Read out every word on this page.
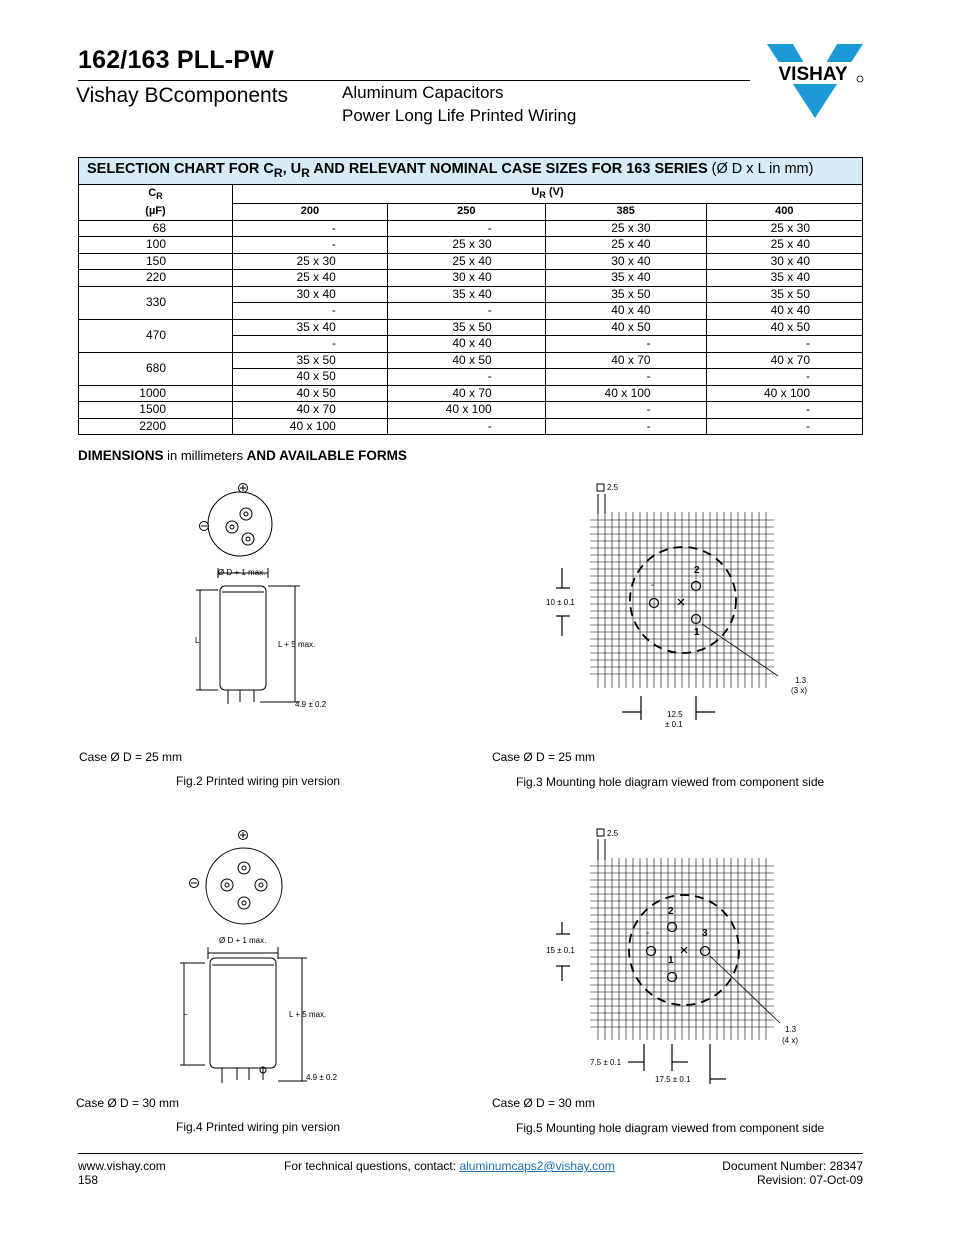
162/163 PLL-PW
Vishay BCcomponents	Aluminum Capacitors
Power Long Life Printed Wiring
VISHAY
SELECTION CHART FOR $C_R$, $U_R$ AND RELEVANT NOMINAL CASE SIZES FOR 163 SERIES (Ø D x L in mm)				
$C_R$
(µF)	$U_R$ (V)			
	200	250	385	400
68	-	-	25 x 30	25 x 30
100	-	25 x 30	25 x 40	25 x 40
150	25 x 30	25 x 40	30 x 40	30 x 40
220	25 x 40	30 x 40	35 x 40	35 x 40
330	30 x 40	35 x 40	35 x 50	35 x 50
	-	-	40 x 40	40 x 40
470	35 x 40	35 x 50	40 x 50	40 x 50
	-	40 x 40	-	-
680	35 x 50	40 x 50	40 x 70	40 x 70
	40 x 50	-	-	-
1000	40 x 50	40 x 70	40 x 100	40 x 100
1500	40 x 70	40 x 100	-	-
2200	40 x 100	-	-	-
DIMENSIONS in millimeters AND AVAILABLE FORMS
Ø D + 1 max.
L	L + 5 max.
4.9 ± 0.2
Case Ø D = 25 mm
Fig.2 Printed wiring pin version
2.5
10 ± 0.1
12.5
± 0.1
1.3
(3 x)
2
1
-
Case Ø D = 25 mm
Fig.3 Mounting hole diagram viewed from component side
Ø D + 1 max.
L	L + 5 max.
4.9 ± 0.2
Case Ø D = 30 mm
Fig.4 Printed wiring pin version
2.5
15 ± 0.1
7.5 ± 0.1
17.5 ± 0.1
1.3
(4 x)
2
1
3
-
Case Ø D = 30 mm
Fig.5 Mounting hole diagram viewed from component side
www.vishay.com
158
For technical questions, contact: aluminumcaps2@vishay.com	Document Number: 28347
Revision: 07-Oct-09
